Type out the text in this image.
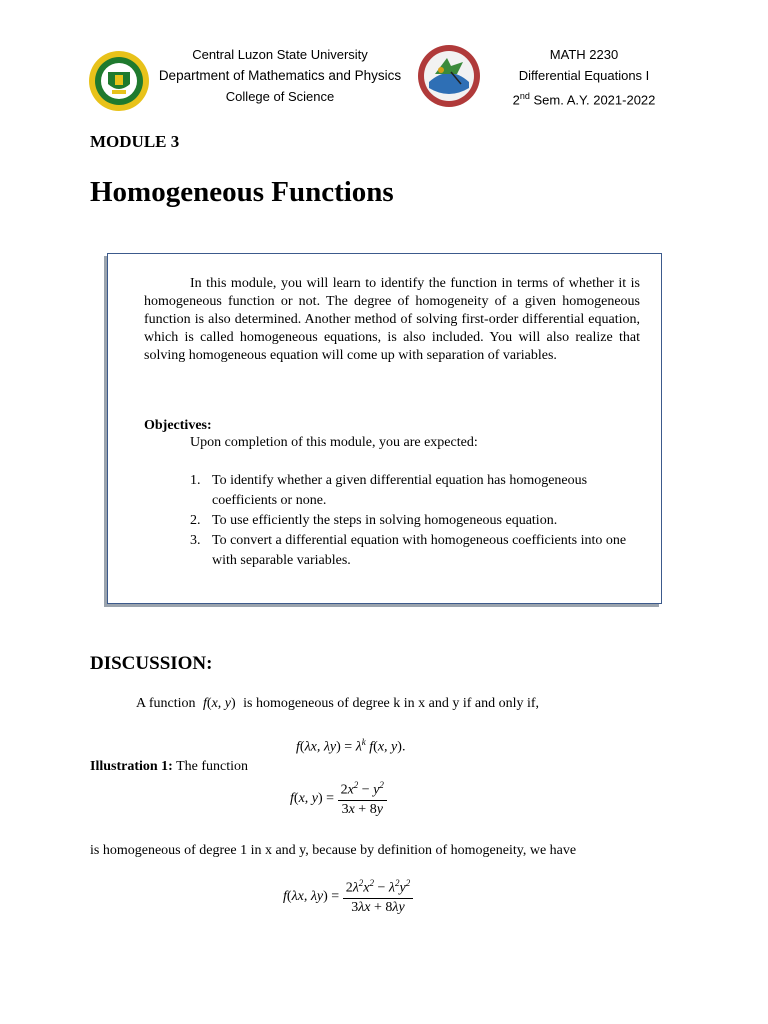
Central Luzon State University
Department of Mathematics and Physics
College of Science
MATH 2230
Differential Equations I
2nd Sem. A.Y. 2021-2022
MODULE 3
Homogeneous Functions
In this module, you will learn to identify the function in terms of whether it is homogeneous function or not. The degree of homogeneity of a given homogeneous function is also determined. Another method of solving first-order differential equation, which is called homogeneous equations, is also included. You will also realize that solving homogeneous equation will come up with separation of variables.
Objectives:
Upon completion of this module, you are expected:
1. To identify whether a given differential equation has homogeneous coefficients or none.
2. To use efficiently the steps in solving homogeneous equation.
3. To convert a differential equation with homogeneous coefficients into one with separable variables.
DISCUSSION:
A function f(x, y) is homogeneous of degree k in x and y if and only if,
f(λx, $\lambda y) = \lambda^k$ f(x, y).
Illustration 1: The function
f(x, $y) = \frac{2x^2 - y^2}{3x + 8y}$
is homogeneous of degree 1 in x and y, because by definition of homogeneity, we have
f(λx, $\lambda y) = \frac{2\lambda^2x^2 - \lambda^2y^2}{3\lambda x + 8\lambda y}$
